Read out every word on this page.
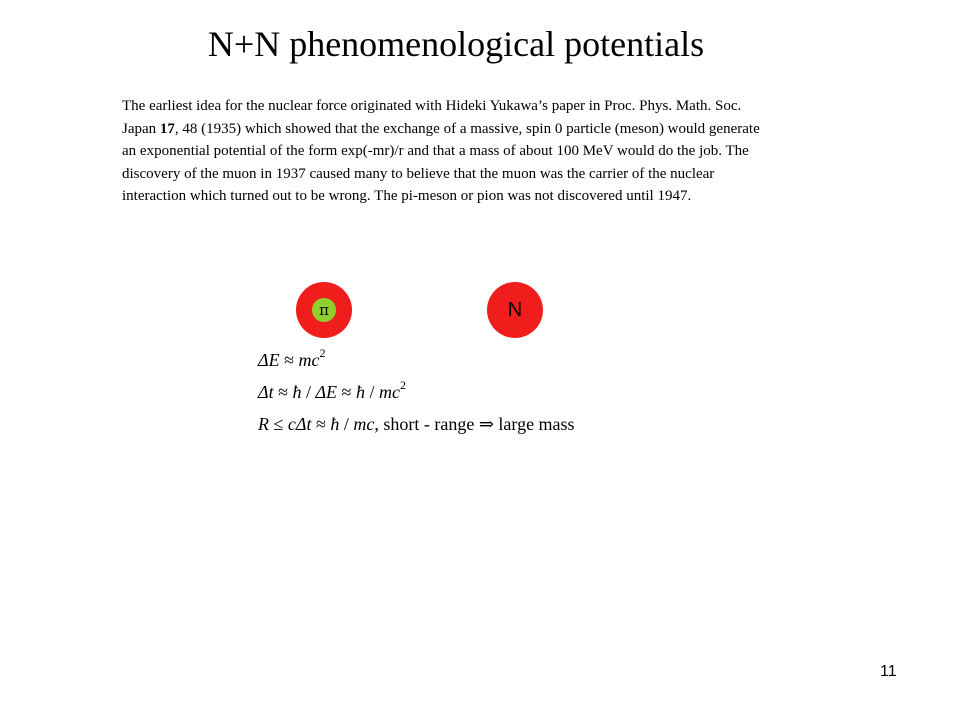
N+N phenomenological potentials

The earliest idea for the nuclear force originated with Hideki Yukawa’s paper in Proc. Phys. Math. Soc. Japan 17, 48 (1935) which showed that the exchange of a massive, spin 0 particle (meson) would generate an exponential potential of the form exp(-mr)/r and that a mass of about 100 MeV would do the job. The discovery of the muon in 1937 caused many to believe that the muon was the carrier of the nuclear interaction which turned out to be wrong. The pi-meson or pion was not discovered until 1947.

π	N
$\Delta E \approx mc^2$
Δt ≈ ħ / ΔE ≈ ħ / $mc^2$
R ≤ cΔt ≈ ħ / mc, short - range ⇒ large mass
11
